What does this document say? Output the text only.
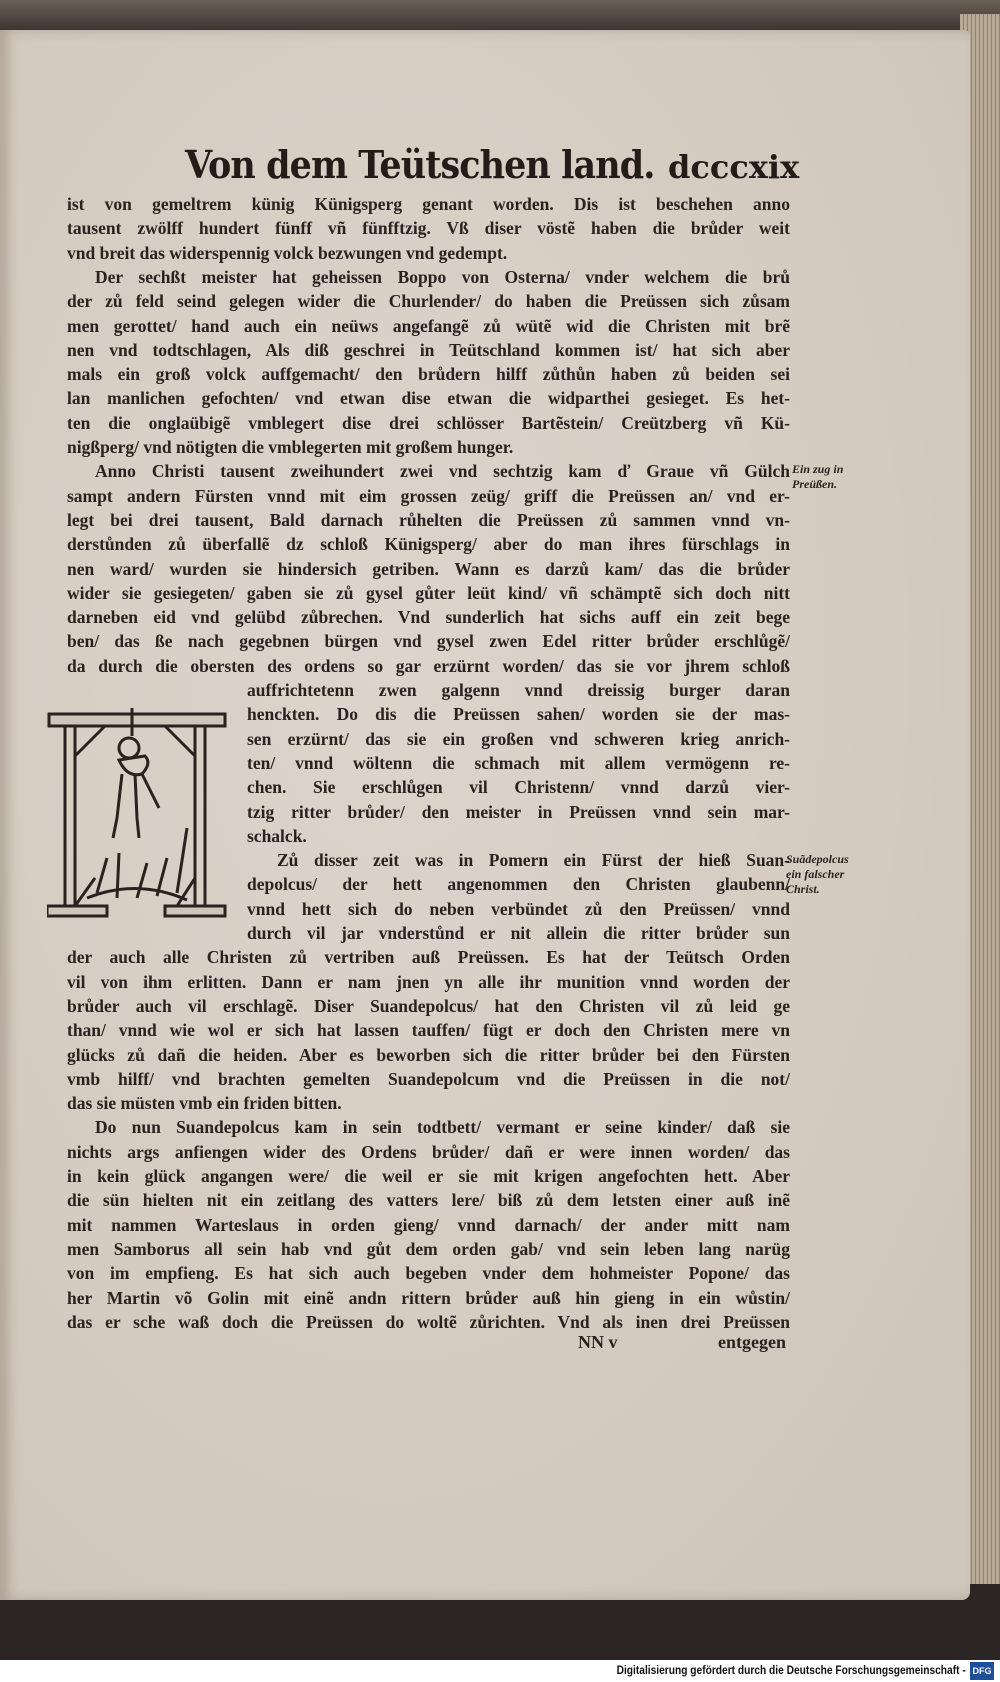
Von dem Teütschen land. dcccxix
ist von gemeltrem künig Künigsperg genant worden. Dis ist beschehen anno
tausent zwölff hundert fünff vñ fünfftzig. Vß diser vöstẽ haben die brůder weit
vnd breit das widerspennig volck bezwungen vnd gedempt.
Der sechßt meister hat geheissen Boppo von Osterna/ vnder welchem die brů
der zů feld seind gelegen wider die Churlender/ do haben die Preüssen sich zůsam
men gerottet/ hand auch ein neüws angefangẽ zů wütẽ wid die Christen mit brẽ
nen vnd todtschlagen, Als diß geschrei in Teütschland kommen ist/ hat sich aber
mals ein groß volck auffgemacht/ den brůdern hilff zůthůn haben zů beiden sei
lan manlichen gefochten/ vnd etwan dise etwan die widparthei gesieget. Es het-
ten die onglaübigẽ vmblegert dise drei schlösser Bartẽstein/ Creützberg vñ Kü-
nigßperg/ vnd nötigten die vmblegerten mit großem hunger.
Anno Christi tausent zweihundert zwei vnd sechtzig kam ď Graue vñ Gülch
sampt andern Fürsten vnnd mit eim grossen zeüg/ griff die Preüssen an/ vnd er-
legt bei drei tausent, Bald darnach růhelten die Preüssen zů sammen vnnd vn-
derstůnden zů überfallẽ dz schloß Künigsperg/ aber do man ihres fürschlags in
nen ward/ wurden sie hindersich getriben. Wann es darzů kam/ das die brůder
wider sie gesiegeten/ gaben sie zů gysel gůter leüt kind/ vñ schämptẽ sich doch nitt
darneben eid vnd gelübd zůbrechen. Vnd sunderlich hat sichs auff ein zeit bege
ben/ das ße nach gegebnen bürgen vnd gysel zwen Edel ritter brůder erschlůgẽ/
da durch die obersten des ordens so gar erzürnt worden/ das sie vor jhrem schloß
auffrichtetenn zwen galgenn vnnd dreissig burger daran
henckten. Do dis die Preüssen sahen/ worden sie der mas-
sen erzürnt/ das sie ein großen vnd schweren krieg anrich-
ten/ vnnd wöltenn die schmach mit allem vermögenn re-
chen. Sie erschlůgen vil Christenn/ vnnd darzů vier-
tzig ritter brůder/ den meister in Preüssen vnnd sein mar-
schalck.
Zů disser zeit was in Pomern ein Fürst der hieß Suan-
depolcus/ der hett angenommen den Christen glaubenn/
vnnd hett sich do neben verbündet zů den Preüssen/ vnnd
durch vil jar vnderstůnd er nit allein die ritter brůder sun
der auch alle Christen zů vertriben auß Preüssen. Es hat der Teütsch Orden
vil von ihm erlitten. Dann er nam jnen yn alle ihr munition vnnd worden der
brůder auch vil erschlagẽ. Diser Suandepolcus/ hat den Christen vil zů leid ge
than/ vnnd wie wol er sich hat lassen tauffen/ fügt er doch den Christen mere vn
glücks zů dañ die heiden. Aber es beworben sich die ritter brůder bei den Fürsten
vmb hilff/ vnd brachten gemelten Suandepolcum vnd die Preüssen in die not/
das sie müsten vmb ein friden bitten.
Do nun Suandepolcus kam in sein todtbett/ vermant er seine kinder/ daß sie
nichts args anfiengen wider des Ordens brůder/ dañ er were innen worden/ das
in kein glück angangen were/ die weil er sie mit krigen angefochten hett. Aber
die sün hielten nit ein zeitlang des vatters lere/ biß zů dem letsten einer auß inẽ
mit nammen Warteslaus in orden gieng/ vnnd darnach/ der ander mitt nam
men Samborus all sein hab vnd gůt dem orden gab/ vnd sein leben lang narüg
von im empfieng. Es hat sich auch begeben vnder dem hohmeister Popone/ das
her Martin võ Golin mit einẽ andn rittern brůder auß hin gieng in ein wůstin/
das er sche waß doch die Preüssen do woltẽ zůrichten. Vnd als inen drei Preüssen
Ein zug in
Preüßen.
Suãdepolcus
ein falscher
Christ.
NN v	entgegen
Digitalisierung gefördert durch die Deutsche Forschungsgemeinschaft - DFG
